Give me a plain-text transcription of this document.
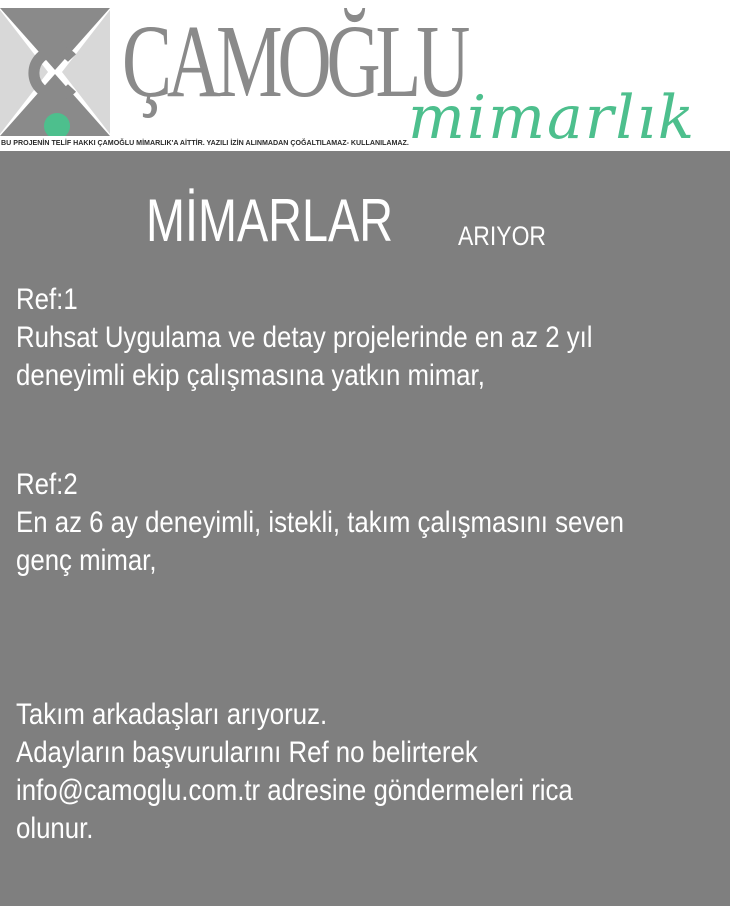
ÇAMOĞLU
mimarlık
BU PROJENİN TELİF HAKKI ÇAMOĞLU MİMARLIK'A AİTTİR. YAZILI İZİN ALINMADAN ÇOĞALTILAMAZ- KULLANILAMAZ.
MİMARLAR ARIYOR
Ref:1
Ruhsat Uygulama ve detay projelerinde en az 2 yıl
deneyimli ekip çalışmasına yatkın mimar,
Ref:2
En az 6 ay deneyimli, istekli, takım çalışmasını seven
genç mimar,
Takım arkadaşları arıyoruz.
Adayların başvurularını Ref no belirterek
info@camoglu.com.tr adresine göndermeleri rica
olunur.
